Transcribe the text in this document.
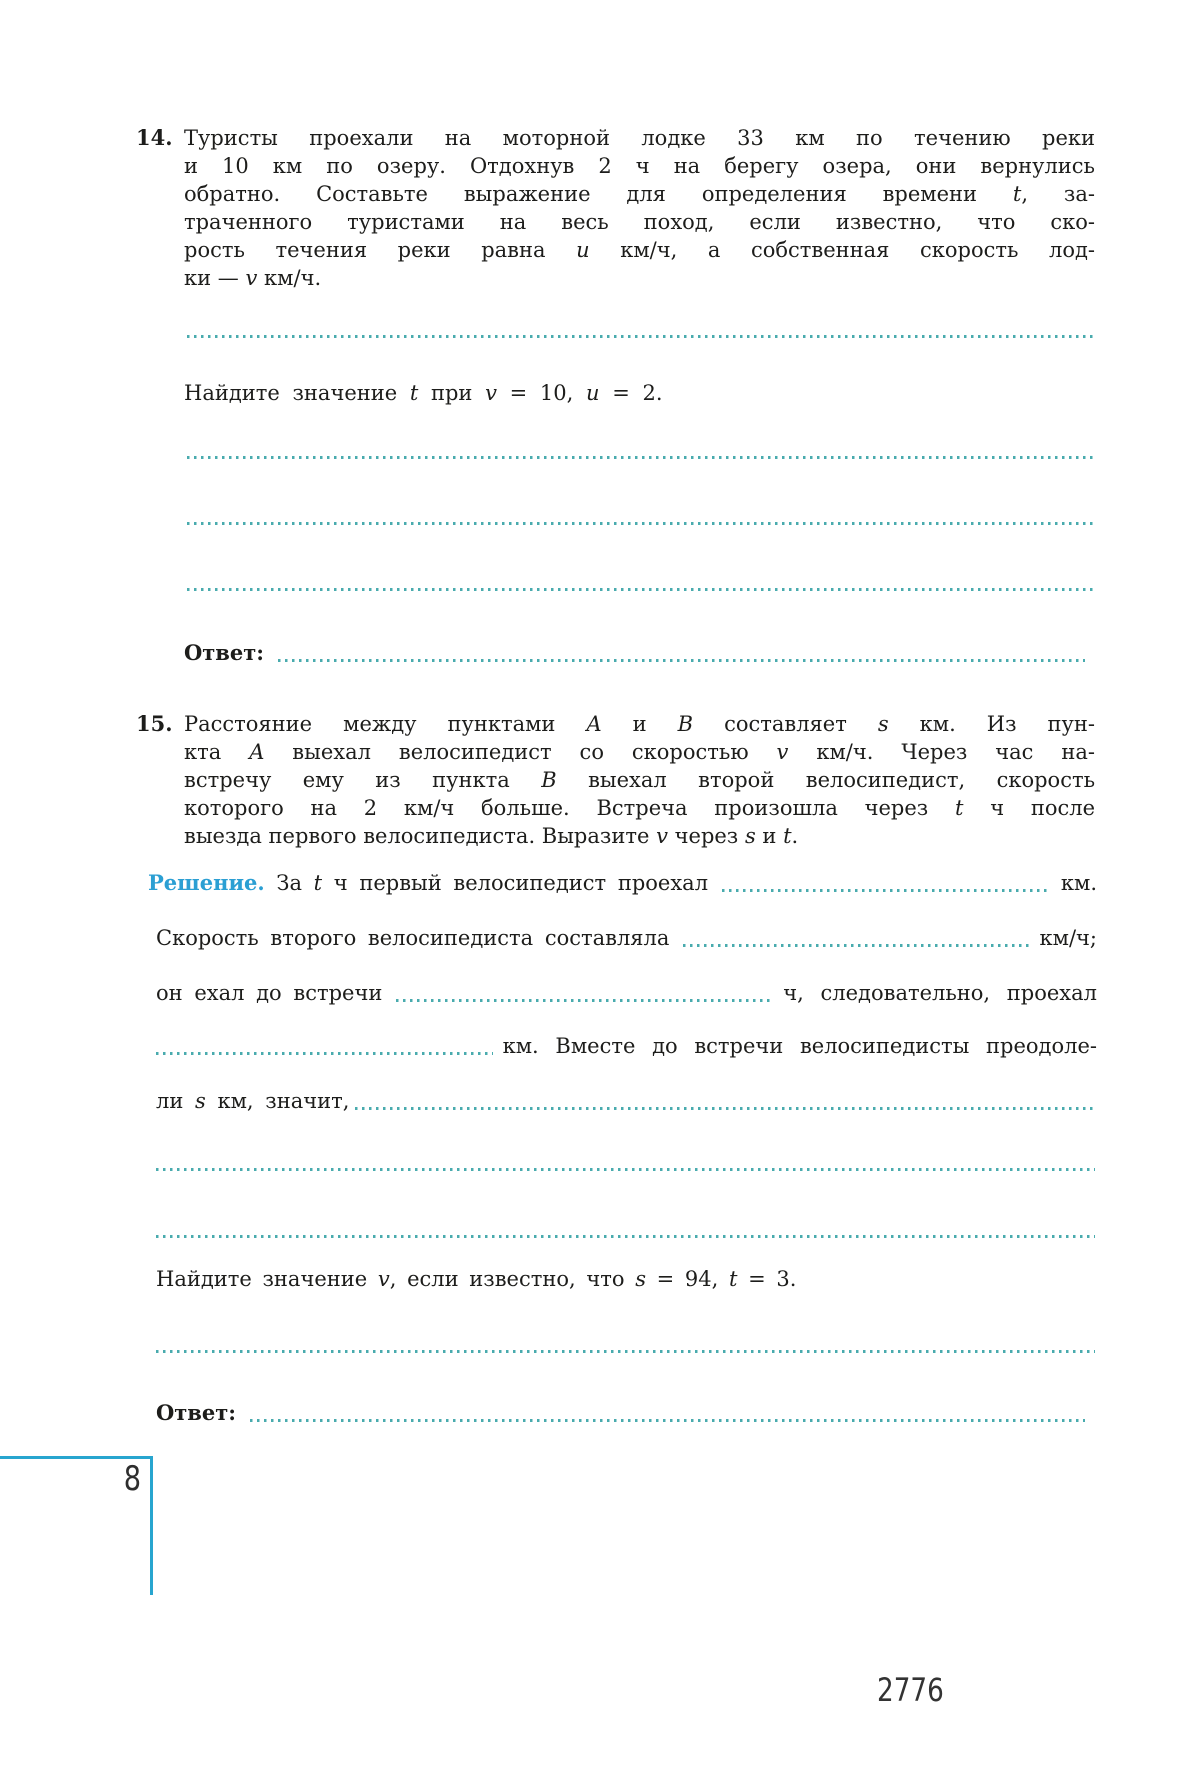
14. Туристы проехали на моторной лодке 33 км по течению реки
и 10 км по озеру. Отдохнув 2 ч на берегу озера, они вернулись
обратно. Составьте выражение для определения времени t, за-
траченного туристами на весь поход, если известно, что ско-
рость течения реки равна u км/ч, а собственная скорость лод-
ки — v км/ч.
Найдите значение t при v = 10, u = 2.
Ответ:
15. Расстояние между пунктами A и B составляет s км. Из пун-
кта A выехал велосипедист со скоростью v км/ч. Через час на-
встречу ему из пункта B выехал второй велосипедист, скорость
которого на 2 км/ч больше. Встреча произошла через t ч после
выезда первого велосипедиста. Выразите v через s и t.
Решение. За t ч первый велосипедист проехал	км.
Скорость второго велосипедиста составляла	км/ч;
он ехал до встречи	ч, следовательно, проехал
км. Вместе до встречи велосипедисты преодоле-
ли s км, значит,
Найдите значение v, если известно, что s = 94, t = 3.
Ответ:
8
2776
